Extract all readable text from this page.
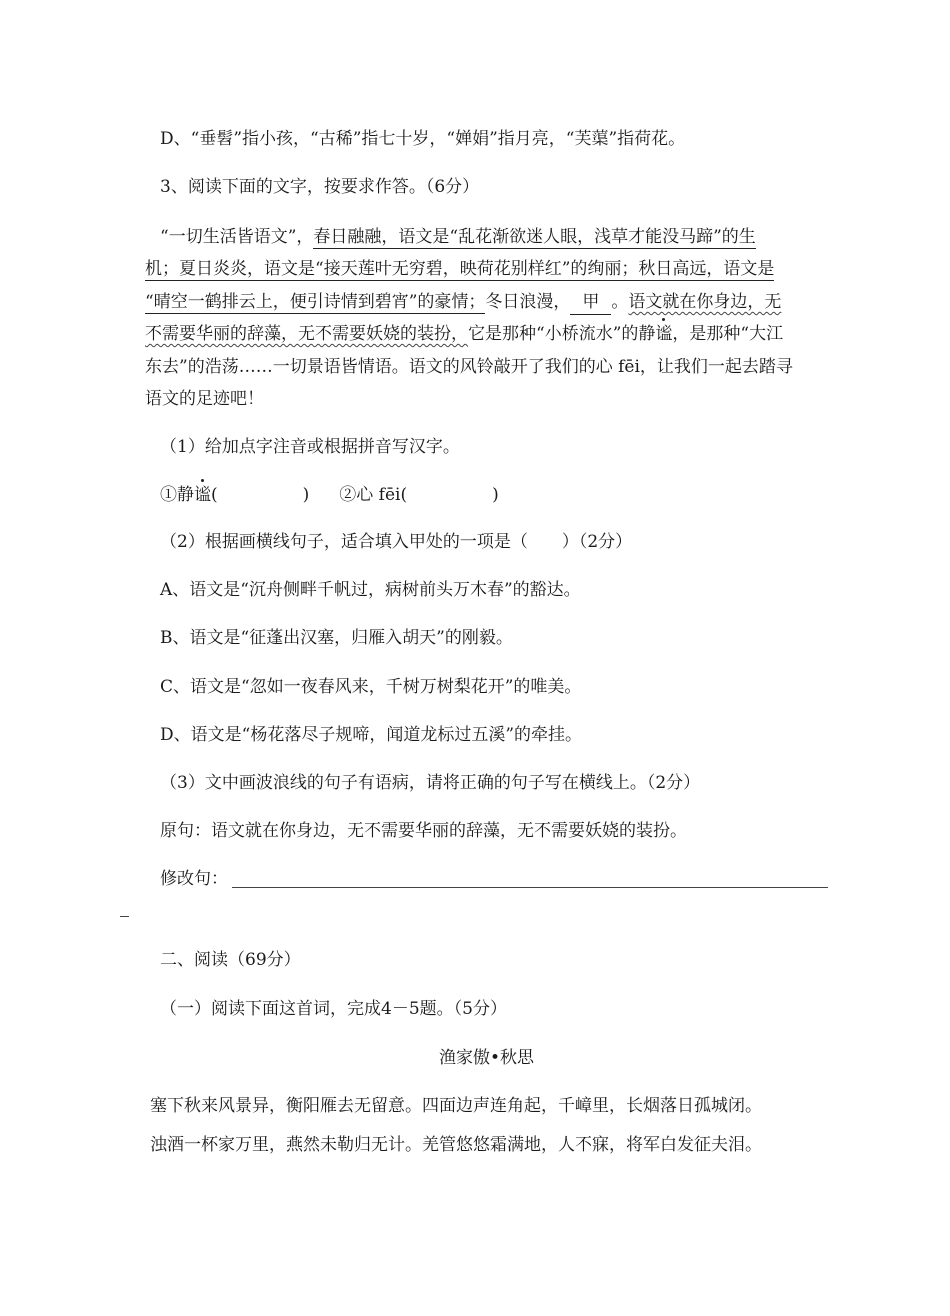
D、“垂髫”指小孩，“古稀”指七十岁，“婵娟”指月亮，“芙蕖”指荷花。
3、阅读下面的文字，按要求作答。（6分）
“一切生活皆语文”，春日融融，语文是“乱花渐欲迷人眼，浅草才能没马蹄”的生
机；夏日炎炎，语文是“接天莲叶无穷碧，映荷花别样红”的绚丽；秋日高远，语文是
“晴空一鹤排云上，便引诗情到碧宵”的豪情；冬日浪漫， 甲 。语文就在你身边，无
不需要华丽的辞藻，无不需要妖娆的装扮，它是那种“小桥流水”的静谧，是那种“大江
东去”的浩荡……一切景语皆情语。语文的风铃敲开了我们的心 fēi，让我们一起去踏寻
语文的足迹吧！
（1）给加点字注音或根据拼音写汉字。
①静谧(　　　　　) ②心 fēi(　　　　　)
（2）根据画横线句子，适合填入甲处的一项是（　　）（2分）
A、语文是“沉舟侧畔千帆过，病树前头万木春”的豁达。
B、语文是“征蓬出汉塞，归雁入胡天”的刚毅。
C、语文是“忽如一夜春风来，千树万树梨花开”的唯美。
D、语文是“杨花落尽子规啼，闻道龙标过五溪”的牵挂。
（3）文中画波浪线的句子有语病，请将正确的句子写在横线上。（2分）
原句：语文就在你身边，无不需要华丽的辞藻，无不需要妖娆的装扮。
修改句：
二、阅读（69分）
（一）阅读下面这首词，完成4－5题。（5分）
渔家傲•秋思
塞下秋来风景异，衡阳雁去无留意。四面边声连角起，千嶂里，长烟落日孤城闭。
浊酒一杯家万里，燕然未勒归无计。羌管悠悠霜满地，人不寐，将军白发征夫泪。
